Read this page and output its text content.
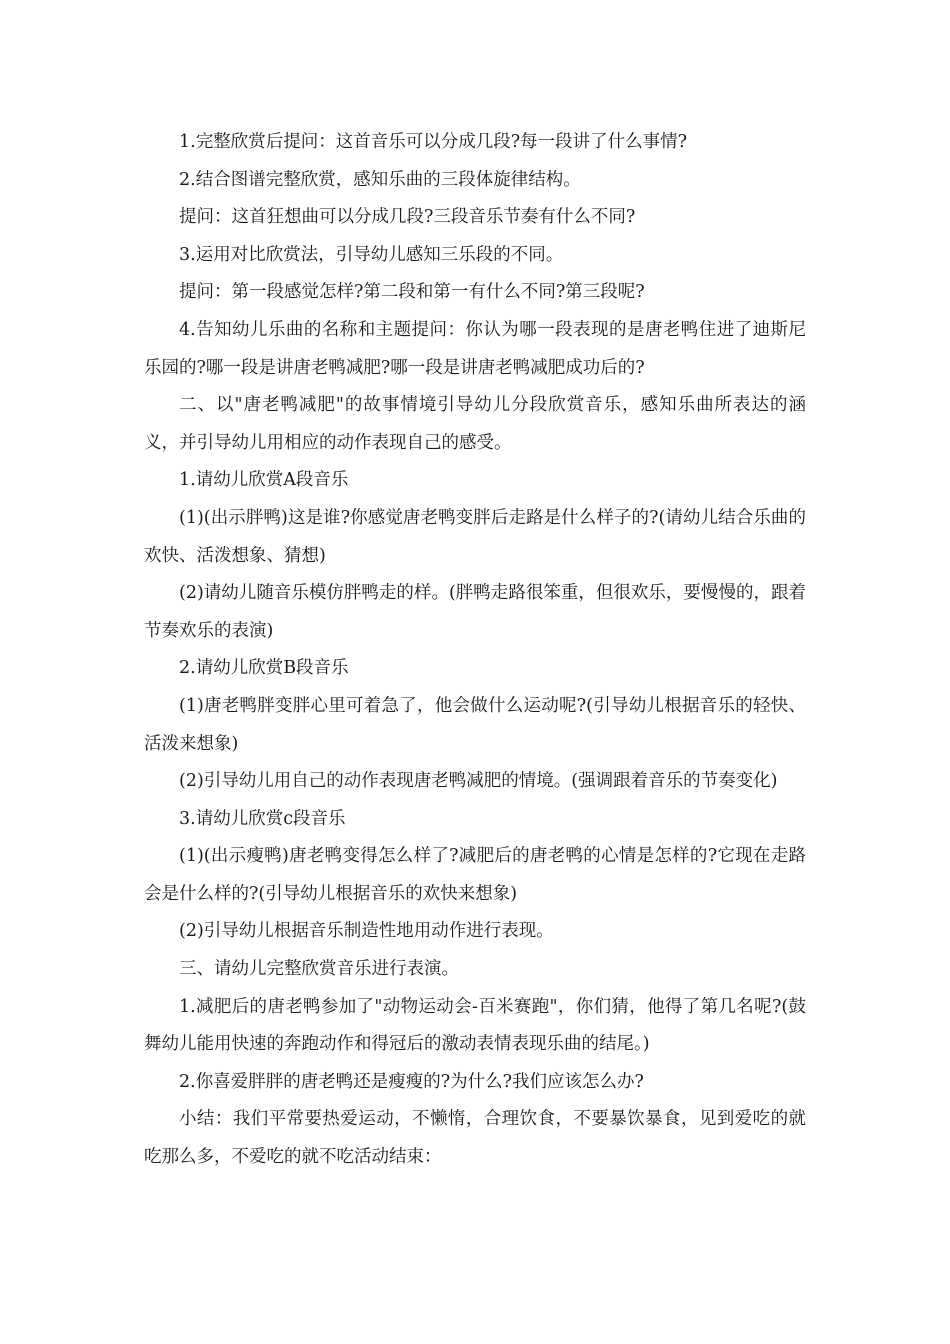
1.完整欣赏后提问：这首音乐可以分成几段?每一段讲了什么事情?

2.结合图谱完整欣赏，感知乐曲的三段体旋律结构。

提问：这首狂想曲可以分成几段?三段音乐节奏有什么不同?

3.运用对比欣赏法，引导幼儿感知三乐段的不同。

提问：第一段感觉怎样?第二段和第一有什么不同?第三段呢?

4.告知幼儿乐曲的名称和主题提问：你认为哪一段表现的是唐老鸭住进了迪斯尼乐园的?哪一段是讲唐老鸭减肥?哪一段是讲唐老鸭减肥成功后的?

二、以"唐老鸭减肥"的故事情境引导幼儿分段欣赏音乐，感知乐曲所表达的涵义，并引导幼儿用相应的动作表现自己的感受。

1.请幼儿欣赏A段音乐

(1)(出示胖鸭)这是谁?你感觉唐老鸭变胖后走路是什么样子的?(请幼儿结合乐曲的欢快、活泼想象、猜想)

(2)请幼儿随音乐模仿胖鸭走的样。(胖鸭走路很笨重，但很欢乐，要慢慢的，跟着节奏欢乐的表演)

2.请幼儿欣赏B段音乐

(1)唐老鸭胖变胖心里可着急了，他会做什么运动呢?(引导幼儿根据音乐的轻快、活泼来想象)

(2)引导幼儿用自己的动作表现唐老鸭减肥的情境。(强调跟着音乐的节奏变化)

3.请幼儿欣赏c段音乐

(1)(出示瘦鸭)唐老鸭变得怎么样了?减肥后的唐老鸭的心情是怎样的?它现在走路会是什么样的?(引导幼儿根据音乐的欢快来想象)

(2)引导幼儿根据音乐制造性地用动作进行表现。

三、请幼儿完整欣赏音乐进行表演。

1.减肥后的唐老鸭参加了"动物运动会-百米赛跑"，你们猜，他得了第几名呢?(鼓舞幼儿能用快速的奔跑动作和得冠后的激动表情表现乐曲的结尾。)

2.你喜爱胖胖的唐老鸭还是瘦瘦的?为什么?我们应该怎么办?

小结：我们平常要热爱运动，不懒惰，合理饮食，不要暴饮暴食，见到爱吃的就吃那么多，不爱吃的就不吃活动结束：
